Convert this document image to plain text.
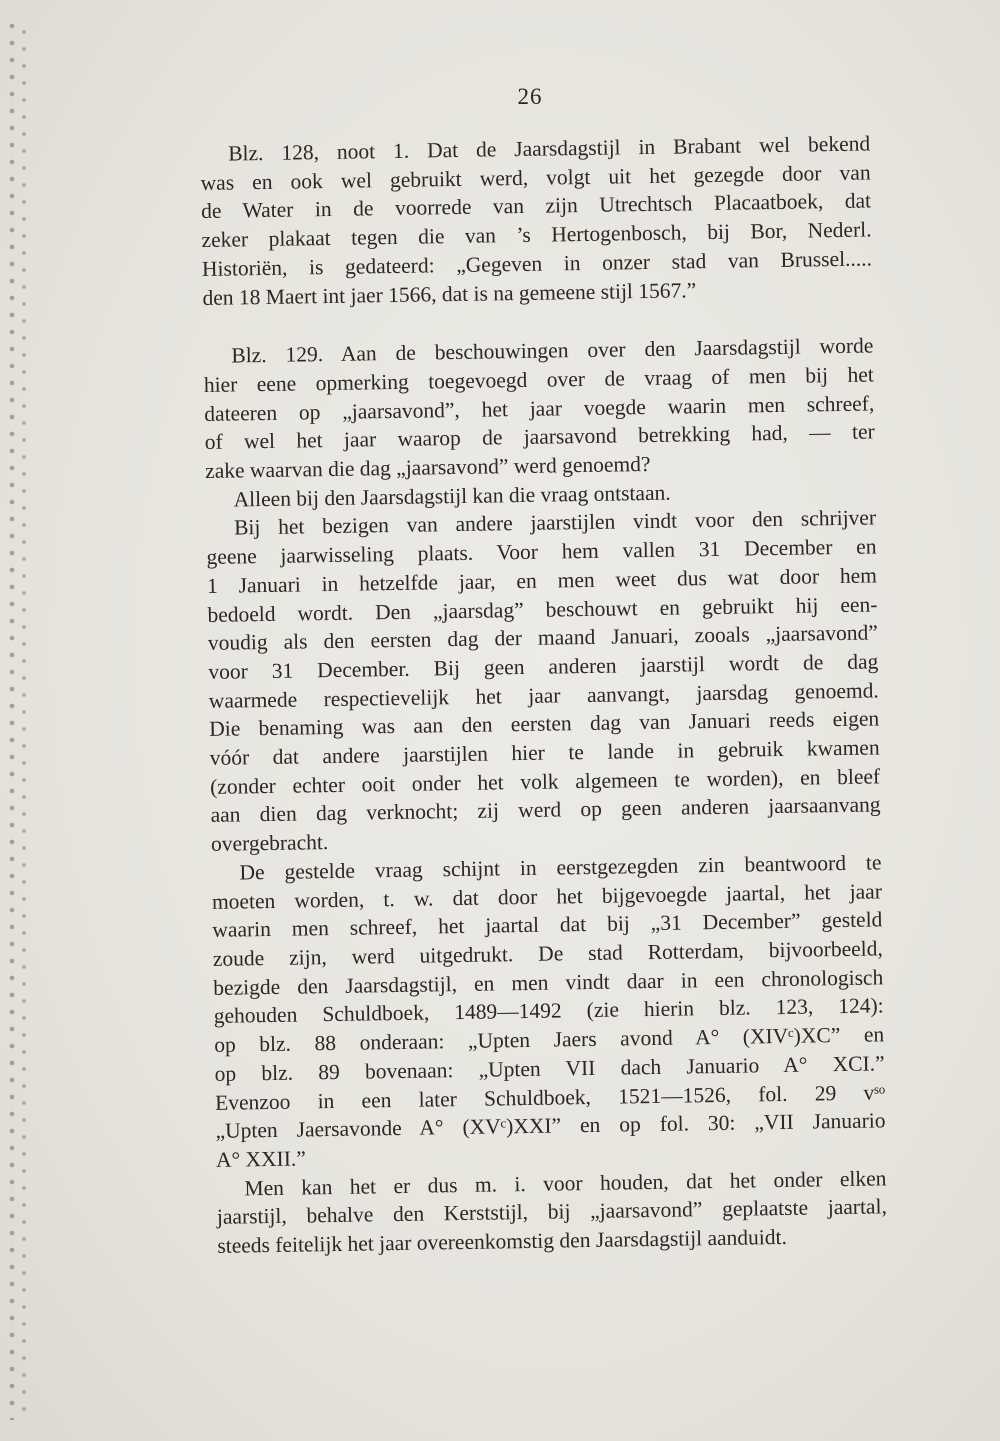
26
Blz. 128, noot 1. Dat de Jaarsdagstijl in Brabant wel bekend
was en ook wel gebruikt werd, volgt uit het gezegde door van
de Water in de voorrede van zijn Utrechtsch Placaatboek, dat
zeker plakaat tegen die van ’s Hertogenbosch, bij Bor, Nederl.
Historiën, is gedateerd: „Gegeven in onzer stad van Brussel.....
den 18 Maert int jaer 1566, dat is na gemeene stijl 1567.”
Blz. 129. Aan de beschouwingen over den Jaarsdagstijl worde
hier eene opmerking toegevoegd over de vraag of men bij het
dateeren op „jaarsavond”, het jaar voegde waarin men schreef,
of wel het jaar waarop de jaarsavond betrekking had, — ter
zake waarvan die dag „jaarsavond” werd genoemd?
Alleen bij den Jaarsdagstijl kan die vraag ontstaan.
Bij het bezigen van andere jaarstijlen vindt voor den schrijver
geene jaarwisseling plaats. Voor hem vallen 31 December en
1 Januari in hetzelfde jaar, en men weet dus wat door hem
bedoeld wordt. Den „jaarsdag” beschouwt en gebruikt hij een-
voudig als den eersten dag der maand Januari, zooals „jaarsavond”
voor 31 December. Bij geen anderen jaarstijl wordt de dag
waarmede respectievelijk het jaar aanvangt, jaarsdag genoemd.
Die benaming was aan den eersten dag van Januari reeds eigen
vóór dat andere jaarstijlen hier te lande in gebruik kwamen
(zonder echter ooit onder het volk algemeen te worden), en bleef
aan dien dag verknocht; zij werd op geen anderen jaarsaanvang
overgebracht.
De gestelde vraag schijnt in eerstgezegden zin beantwoord te
moeten worden, t. w. dat door het bijgevoegde jaartal, het jaar
waarin men schreef, het jaartal dat bij „31 December” gesteld
zoude zijn, werd uitgedrukt. De stad Rotterdam, bijvoorbeeld,
bezigde den Jaarsdagstijl, en men vindt daar in een chronologisch
gehouden Schuldboek, 1489—1492 (zie hierin blz. 123, 124):
op blz. 88 onderaan: „Upten Jaers avond A° (XIVᶜ)XC” en
op blz. 89 bovenaan: „Upten VII dach Januario A° XCI.”
Evenzoo in een later Schuldboek, 1521—1526, fol. 29 vˢᵒ
„Upten Jaersavonde A° (XVᶜ)XXI” en op fol. 30: „VII Januario
A° XXII.”
Men kan het er dus m. i. voor houden, dat het onder elken
jaarstijl, behalve den Kerststijl, bij „jaarsavond” geplaatste jaartal,
steeds feitelijk het jaar overeenkomstig den Jaarsdagstijl aanduidt.
